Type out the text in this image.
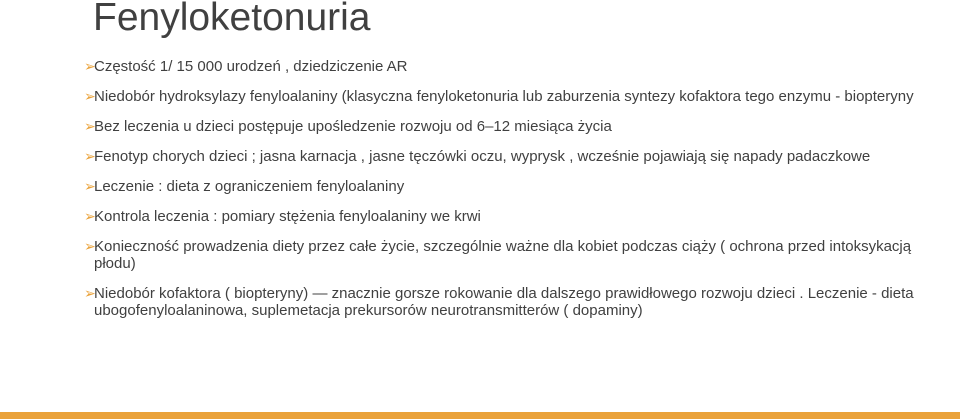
Fenyloketonuria
➢
Częstość 1/ 15 000 urodzeń , dziedziczenie AR
➢
Niedobór hydroksylazy fenyloalaniny (klasyczna fenyloketonuria lub zaburzenia syntezy kofaktora tego enzymu - biopteryny
➢
Bez leczenia u dzieci postępuje upośledzenie rozwoju od 6–12 miesiąca życia
➢
Fenotyp chorych dzieci ; jasna karnacja , jasne tęczówki oczu, wyprysk , wcześnie pojawiają się napady padaczkowe
➢
Leczenie : dieta z ograniczeniem fenyloalaniny
➢
Kontrola leczenia : pomiary stężenia fenyloalaniny we krwi
➢
Konieczność prowadzenia diety przez całe życie, szczególnie ważne dla kobiet podczas ciąży ( ochrona przed intoksykacją płodu)
➢
Niedobór kofaktora ( biopteryny) — znacznie gorsze rokowanie dla dalszego prawidłowego rozwoju dzieci . Leczenie - dieta ubogofenyloalaninowa, suplemetacja prekursorów neurotransmitterów ( dopaminy)
